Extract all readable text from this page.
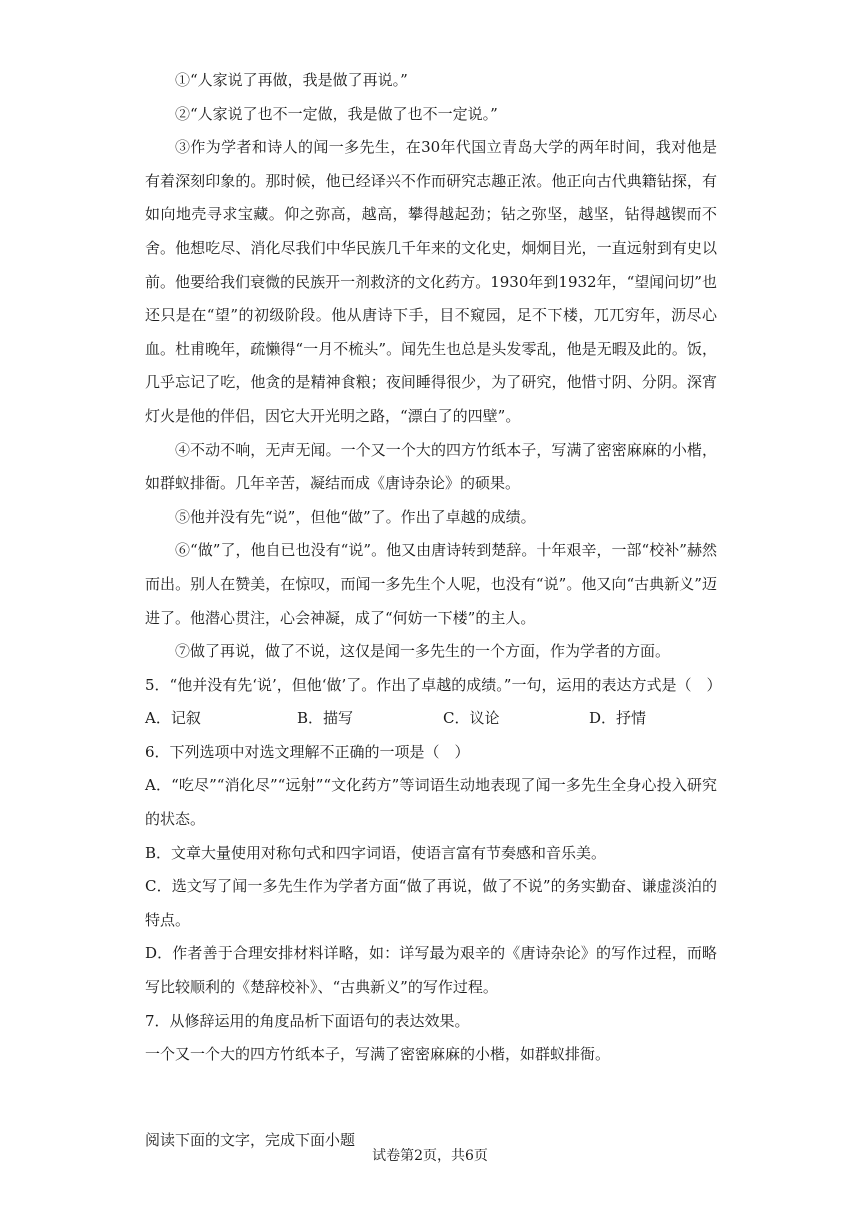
①“人家说了再做，我是做了再说。”

②“人家说了也不一定做，我是做了也不一定说。”

③作为学者和诗人的闻一多先生，在30年代国立青岛大学的两年时间，我对他是有着深刻印象的。那时候，他已经译兴不作而研究志趣正浓。他正向古代典籍钻探，有如向地壳寻求宝藏。仰之弥高，越高，攀得越起劲；钻之弥坚，越坚，钻得越锲而不舍。他想吃尽、消化尽我们中华民族几千年来的文化史，炯炯目光，一直远射到有史以前。他要给我们衰微的民族开一剂救济的文化药方。1930年到1932年，“望闻问切”也还只是在“望”的初级阶段。他从唐诗下手，目不窥园，足不下楼，兀兀穷年，沥尽心血。杜甫晚年，疏懒得“一月不梳头”。闻先生也总是头发零乱，他是无暇及此的。饭，几乎忘记了吃，他贪的是精神食粮；夜间睡得很少，为了研究，他惜寸阴、分阴。深宵灯火是他的伴侣，因它大开光明之路，“漂白了的四壁”。

④不动不响，无声无闻。一个又一个大的四方竹纸本子，写满了密密麻麻的小楷，如群蚁排衙。几年辛苦，凝结而成《唐诗杂论》的硕果。

⑤他并没有先“说”，但他“做”了。作出了卓越的成绩。

⑥“做”了，他自已也没有“说”。他又由唐诗转到楚辞。十年艰辛，一部“校补”赫然而出。别人在赞美，在惊叹，而闻一多先生个人呢，也没有“说”。他又向“古典新义”迈进了。他潜心贯注，心会神凝，成了“何妨一下楼”的主人。

⑦做了再说，做了不说，这仅是闻一多先生的一个方面，作为学者的方面。

5．“他并没有先‘说’，但他‘做’了。作出了卓越的成绩。”一句，运用的表达方式是（　）

A．记叙	B．描写	C．议论	D．抒情

6．下列选项中对选文理解不正确的一项是（　）

A．“吃尽”“消化尽”“远射”“文化药方”等词语生动地表现了闻一多先生全身心投入研究的状态。

B．文章大量使用对称句式和四字词语，使语言富有节奏感和音乐美。

C．选文写了闻一多先生作为学者方面“做了再说，做了不说”的务实勤奋、谦虚淡泊的特点。

D．作者善于合理安排材料详略，如：详写最为艰辛的《唐诗杂论》的写作过程，而略写比较顺利的《楚辞校补》、“古典新义”的写作过程。

7．从修辞运用的角度品析下面语句的表达效果。

一个又一个大的四方竹纸本子，写满了密密麻麻的小楷，如群蚁排衙。

阅读下面的文字，完成下面小题

试卷第2页，共6页
